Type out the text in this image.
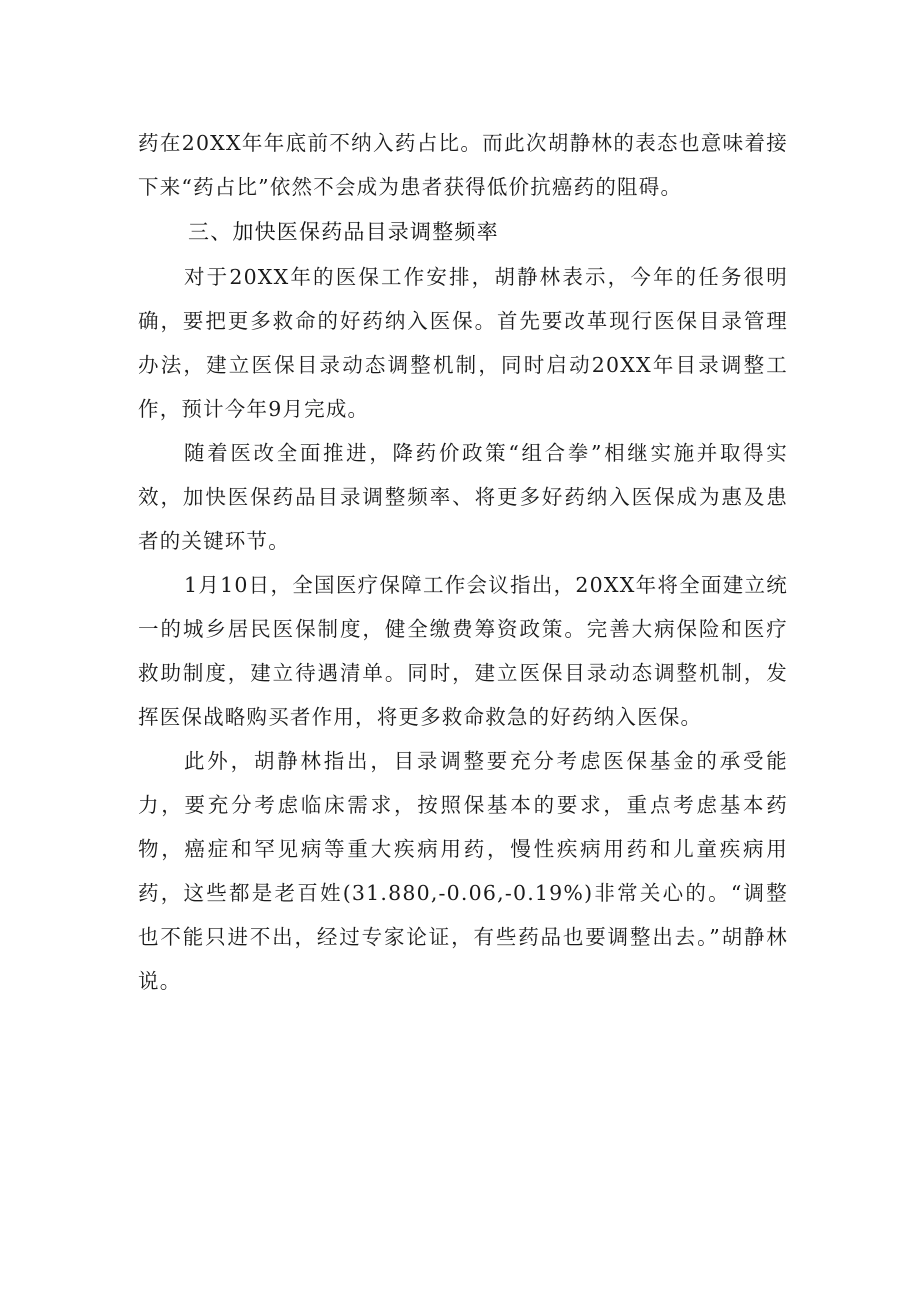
药在20XX年年底前不纳入药占比。而此次胡静林的表态也意味着接下来“药占比”依然不会成为患者获得低价抗癌药的阻碍。

三、加快医保药品目录调整频率

对于20XX年的医保工作安排，胡静林表示，今年的任务很明确，要把更多救命的好药纳入医保。首先要改革现行医保目录管理办法，建立医保目录动态调整机制，同时启动20XX年目录调整工作，预计今年9月完成。

随着医改全面推进，降药价政策“组合拳”相继实施并取得实效，加快医保药品目录调整频率、将更多好药纳入医保成为惠及患者的关键环节。

1月10日，全国医疗保障工作会议指出，20XX年将全面建立统一的城乡居民医保制度，健全缴费筹资政策。完善大病保险和医疗救助制度，建立待遇清单。同时，建立医保目录动态调整机制，发挥医保战略购买者作用，将更多救命救急的好药纳入医保。

此外，胡静林指出，目录调整要充分考虑医保基金的承受能力，要充分考虑临床需求，按照保基本的要求，重点考虑基本药物，癌症和罕见病等重大疾病用药，慢性疾病用药和儿童疾病用药，这些都是老百姓(31.880,-0.06,-0.19%)非常关心的。“调整也不能只进不出，经过专家论证，有些药品也要调整出去。”胡静林说。
